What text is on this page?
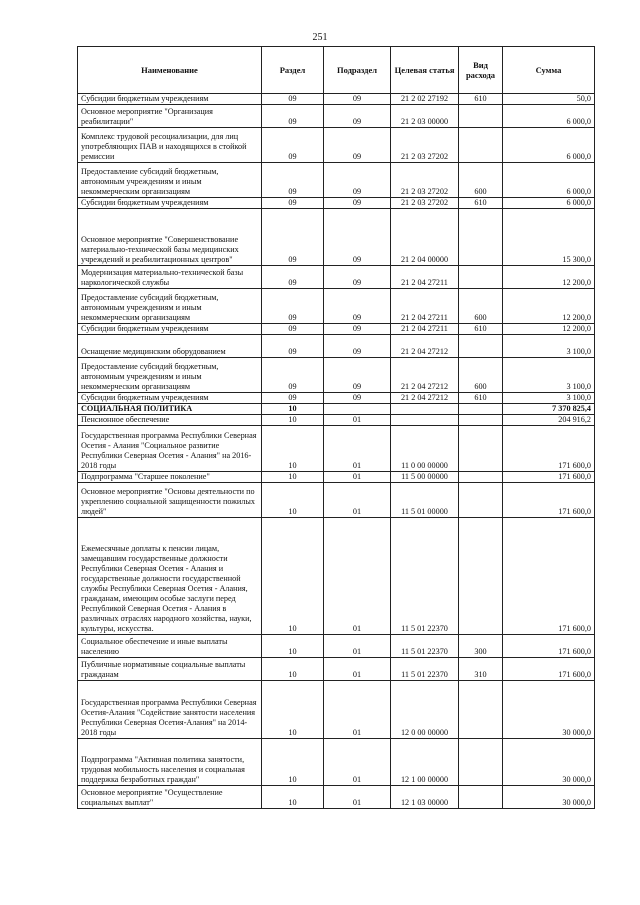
251
Наименование	Раздел	Подраздел	Целевая статья	Вид расхода	Сумма
Субсидии бюджетным учреждениям	09	09	21 2 02 27192	610	50,0
Основное мероприятие "Организация реабилитации"	09	09	21 2 03 00000		6 000,0
Комплекс трудовой ресоциализации, для лиц употребляющих ПАВ и находящихся в стойкой ремиссии	09	09	21 2 03 27202		6 000,0
Предоставление субсидий бюджетным, автономным учреждениям и иным некоммерческим организациям	09	09	21 2 03 27202	600	6 000,0
Субсидии бюджетным учреждениям	09	09	21 2 03 27202	610	6 000,0
Основное мероприятие "Совершенствование материально-технической базы медицинских учреждений и реабилитационных центров"	09	09	21 2 04 00000		15 300,0
Модернизация материально-технической базы наркологической службы	09	09	21 2 04 27211		12 200,0
Предоставление субсидий бюджетным, автономным учреждениям и иным некоммерческим организациям	09	09	21 2 04 27211	600	12 200,0
Субсидии бюджетным учреждениям	09	09	21 2 04 27211	610	12 200,0
Оснащение медицинским оборудованием	09	09	21 2 04 27212		3 100,0
Предоставление субсидий бюджетным, автономным учреждениям и иным некоммерческим организациям	09	09	21 2 04 27212	600	3 100,0
Субсидии бюджетным учреждениям	09	09	21 2 04 27212	610	3 100,0
СОЦИАЛЬНАЯ ПОЛИТИКА	10				7 370 825,4
Пенсионное обеспечение	10	01			204 916,2
Государственная программа Республики Северная Осетия - Алания "Социальное развитие Республики Северная Осетия - Алания" на 2016-2018 годы	10	01	11 0 00 00000		171 600,0
Подпрограмма "Старшее поколение"	10	01	11 5 00 00000		171 600,0
Основное мероприятие "Основы деятельности по укреплению социальной защищенности пожилых людей"	10	01	11 5 01 00000		171 600,0
Ежемесячные доплаты к пенсии лицам, замещавшим государственные должности Республики Северная Осетия - Алания и государственные должности государственной службы Республики Северная Осетия - Алания, гражданам, имеющим особые заслуги перед Республикой Северная Осетия - Алания в различных отраслях народного хозяйства, науки, культуры, искусства.	10	01	11 5 01 22370		171 600,0
Социальное обеспечение и иные выплаты населению	10	01	11 5 01 22370	300	171 600,0
Публичные нормативные социальные выплаты гражданам	10	01	11 5 01 22370	310	171 600,0
Государственная программа Республики Северная Осетия-Алания "Содействие занятости населения Республики Северная Осетия-Алания" на 2014-2018 годы	10	01	12 0 00 00000		30 000,0
Подпрограмма "Активная политика занятости, трудовая мобильность населения и социальная поддержка безработных граждан"	10	01	12 1 00 00000		30 000,0
Основное мероприятие "Осуществление социальных выплат"	10	01	12 1 03 00000		30 000,0
